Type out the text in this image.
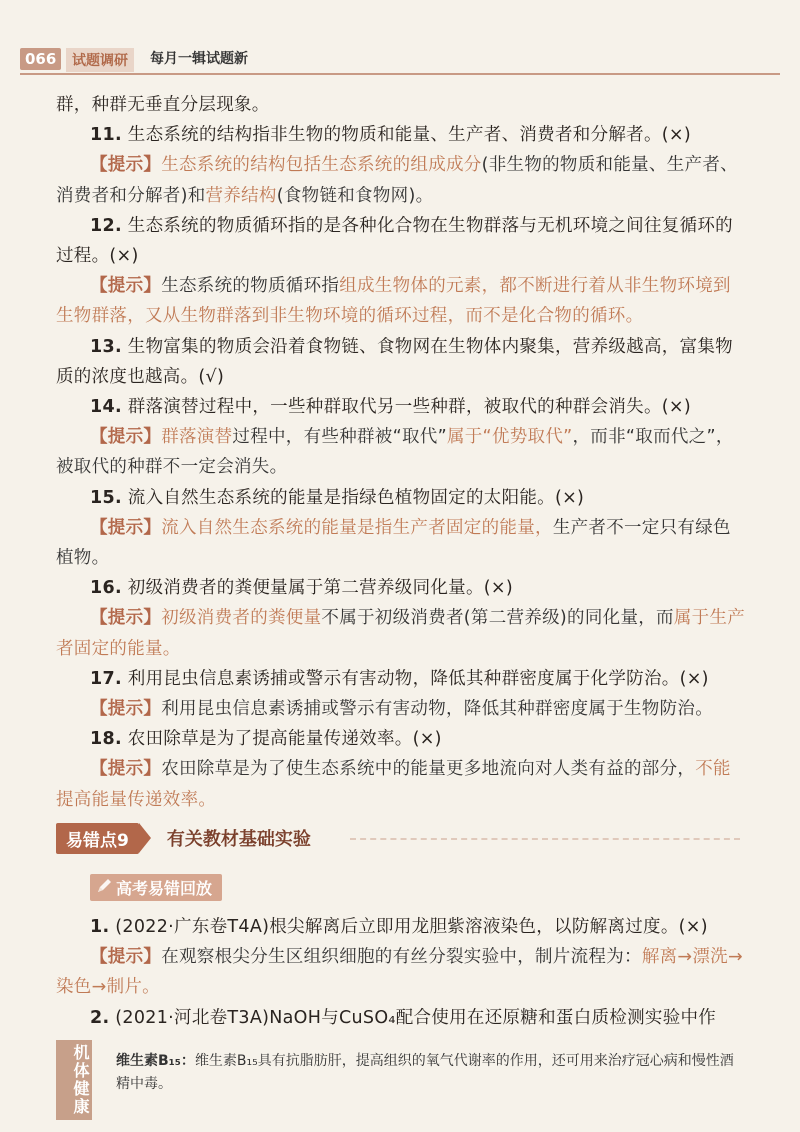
066	试题调研	每月一辑试题新

群，种群无垂直分层现象。

11. 生态系统的结构指非生物的物质和能量、生产者、消费者和分解者。(×)

【提示】生态系统的结构包括生态系统的组成成分(非生物的物质和能量、生产者、消费者和分解者)和营养结构(食物链和食物网)。

12. 生态系统的物质循环指的是各种化合物在生物群落与无机环境之间往复循环的过程。(×)

【提示】生态系统的物质循环指组成生物体的元素，都不断进行着从非生物环境到生物群落，又从生物群落到非生物环境的循环过程，而不是化合物的循环。

13. 生物富集的物质会沿着食物链、食物网在生物体内聚集，营养级越高，富集物质的浓度也越高。(√)

14. 群落演替过程中，一些种群取代另一些种群，被取代的种群会消失。(×)

【提示】群落演替过程中，有些种群被“取代”属于“优势取代”，而非“取而代之”，被取代的种群不一定会消失。

15. 流入自然生态系统的能量是指绿色植物固定的太阳能。(×)

【提示】流入自然生态系统的能量是指生产者固定的能量，生产者不一定只有绿色植物。

16. 初级消费者的粪便量属于第二营养级同化量。(×)

【提示】初级消费者的粪便量不属于初级消费者(第二营养级)的同化量，而属于生产者固定的能量。

17. 利用昆虫信息素诱捕或警示有害动物，降低其种群密度属于化学防治。(×)

【提示】利用昆虫信息素诱捕或警示有害动物，降低其种群密度属于生物防治。

18. 农田除草是为了提高能量传递效率。(×)

【提示】农田除草是为了使生态系统中的能量更多地流向对人类有益的部分，不能提高能量传递效率。

易错点9	有关教材基础实验
高考易错回放

1. (2022·广东卷T4A)根尖解离后立即用龙胆紫溶液染色，以防解离过度。(×)

【提示】在观察根尖分生区组织细胞的有丝分裂实验中，制片流程为：解离→漂洗→染色→制片。

2. (2021·河北卷T3A)NaOH与CuSO₄配合使用在还原糖和蛋白质检测实验中作

机体健康 维生素B₁₅：维生素B₁₅具有抗脂肪肝，提高组织的氧气代谢率的作用，还可用来治疗冠心病和慢性酒精中毒。
